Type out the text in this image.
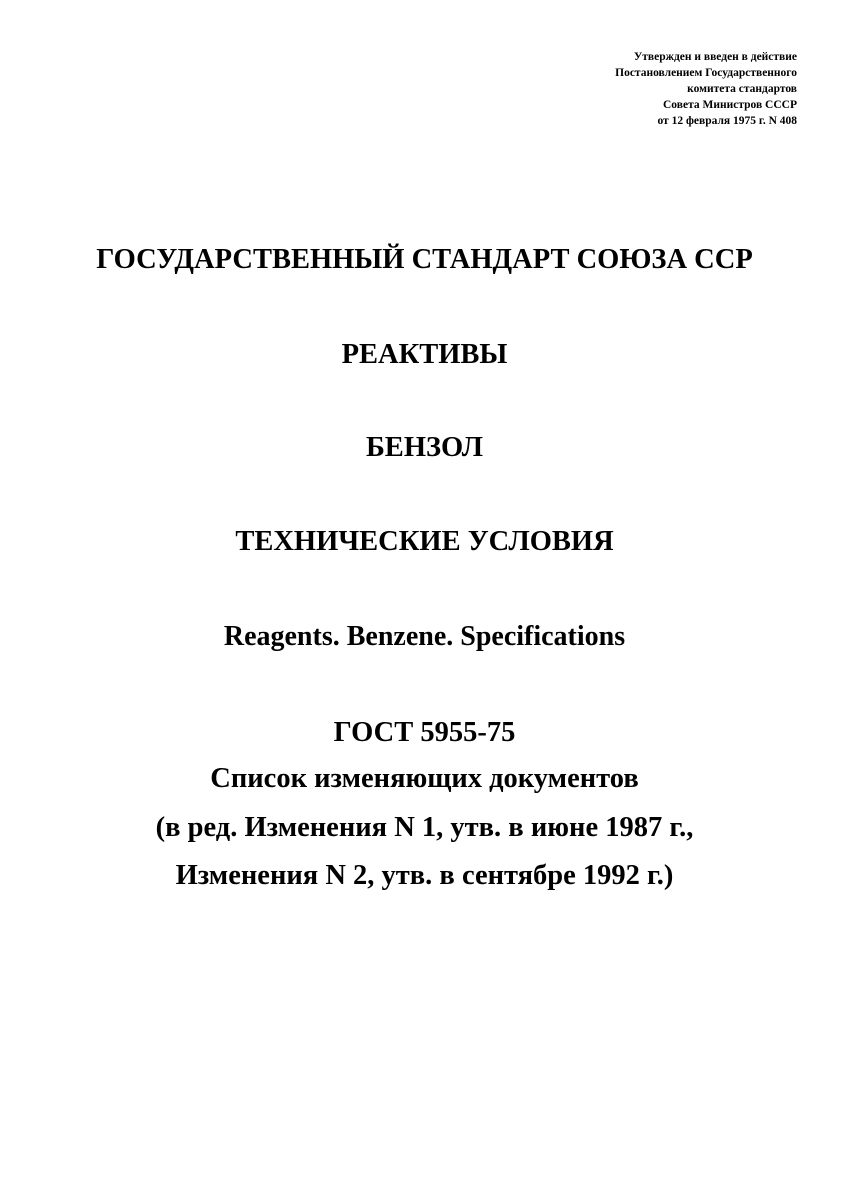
Утвержден и введен в действие
Постановлением Государственного
комитета стандартов
Совета Министров СССР
от 12 февраля 1975 г. N 408
ГОСУДАРСТВЕННЫЙ СТАНДАРТ СОЮЗА ССР
РЕАКТИВЫ
БЕНЗОЛ
ТЕХНИЧЕСКИЕ УСЛОВИЯ
Reagents. Benzene. Specifications
ГОСТ 5955-75
Список изменяющих документов
(в ред. Изменения N 1, утв. в июне 1987 г.,
Изменения N 2, утв. в сентябре 1992 г.)
